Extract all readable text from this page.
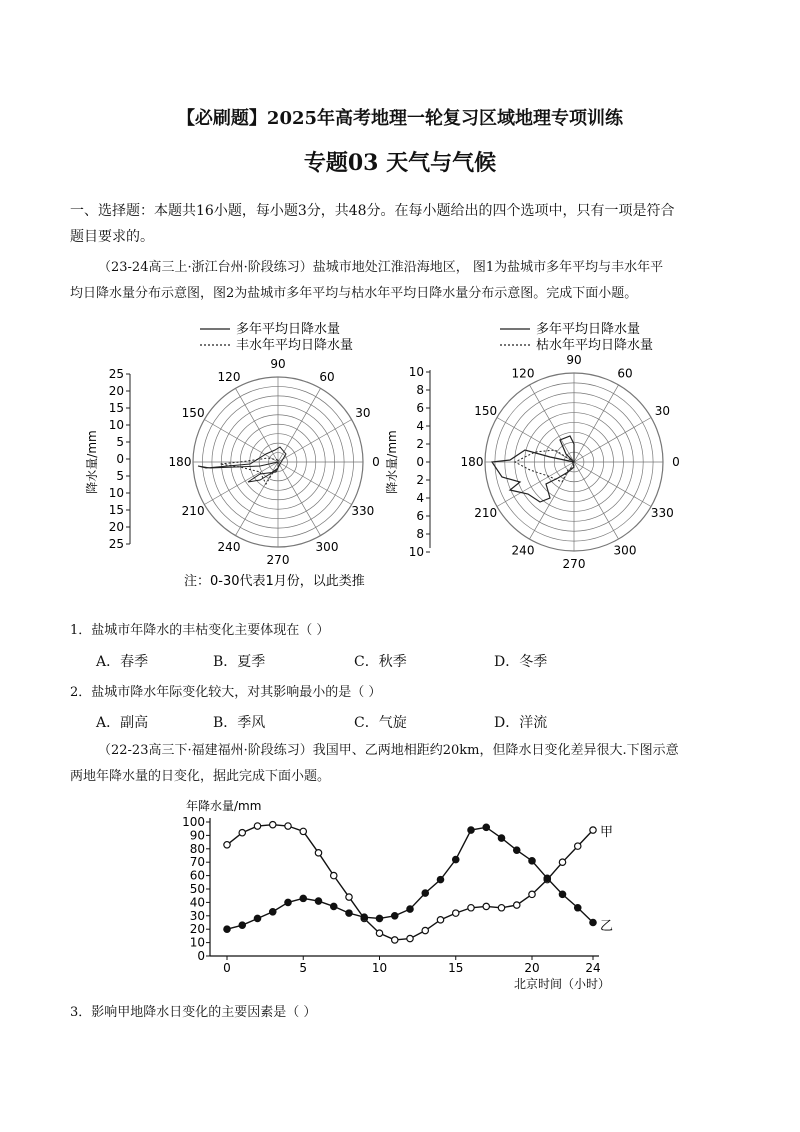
【必刷题】2025年高考地理一轮复习区域地理专项训练
专题03 天气与气候
一、选择题：本题共16小题，每小题3分，共48分。在每小题给出的四个选项中，只有一项是符合
题目要求的。
（23-24高三上·浙江台州·阶段练习）盐城市地处江淮沿海地区， 图1为盐城市多年平均与丰水年平
均日降水量分布示意图，图2为盐城市多年平均与枯水年平均日降水量分布示意图。完成下面小题。
多年平均日降水量
丰水年平均日降水量
90
60
30
0
330
300
270
240
210
180
150
120
25
20
15
10
5
0
5
10
15
20
25
降水量/mm
多年平均日降水量
枯水年平均日降水量
90
60
30
0
330
300
270
240
210
180
150
120
10
8
6
4
2
0
2
4
6
8
10
降水量/mm
注：0-30代表1月份，以此类推
1．盐城市年降水的丰枯变化主要体现在（ ）
A．春季	B．夏季	C．秋季	D．冬季
2．盐城市降水年际变化较大，对其影响最小的是（ ）
A．副高	B．季风	C．气旋	D．洋流
（22-23高三下·福建福州·阶段练习）我国甲、乙两地相距约20km，但降水日变化差异很大.下图示意
两地年降水量的日变化，据此完成下面小题。
年降水量/mm
0
10
20
30
40
50
60
70
80
90
100
0	5	10	15	20	24
北京时间（小时）
甲
乙
3．影响甲地降水日变化的主要因素是（ ）
